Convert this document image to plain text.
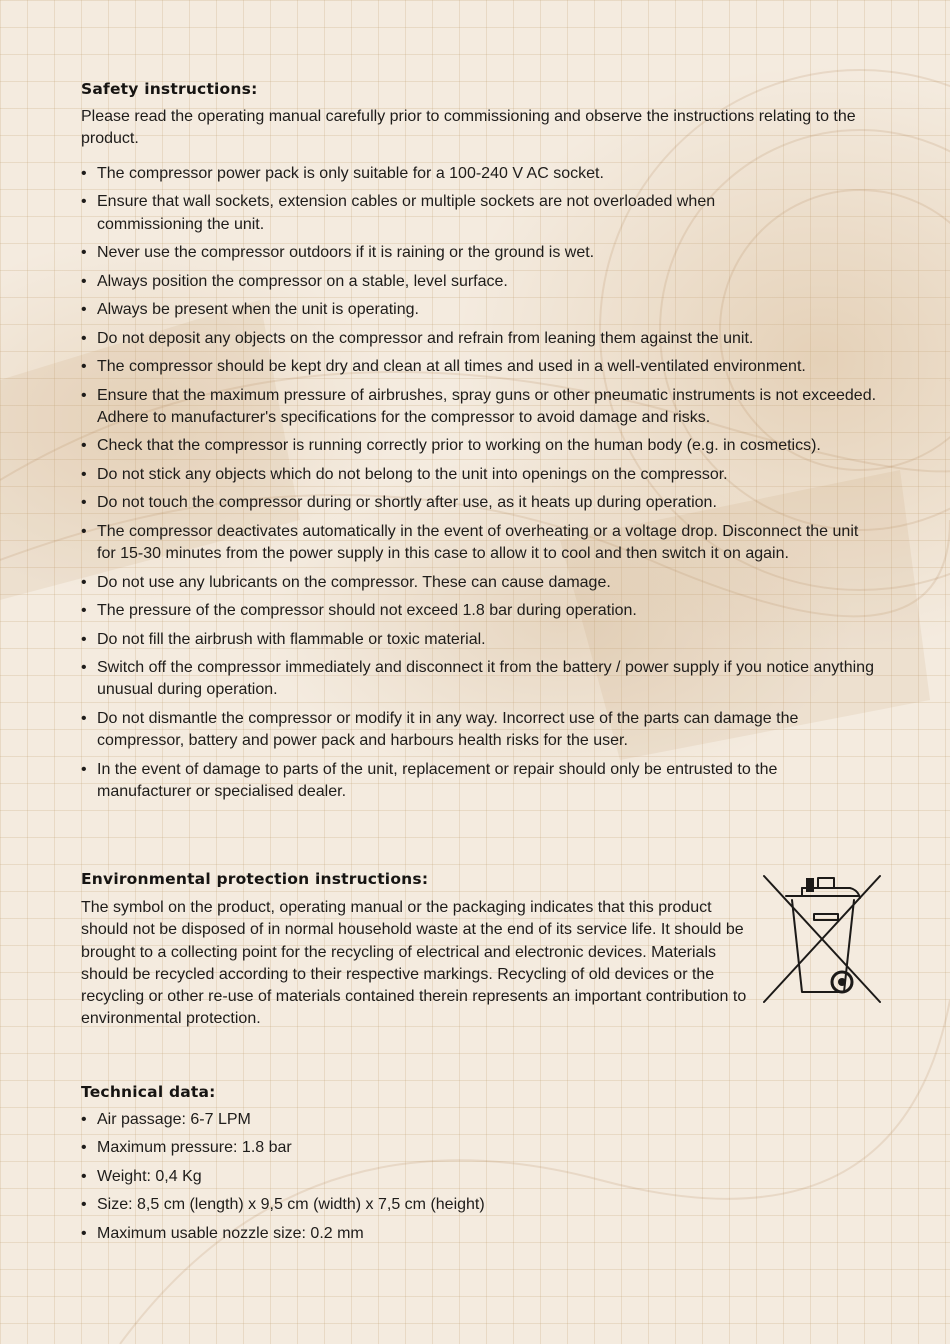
Safety instructions:

Please read the operating manual carefully prior to commissioning and observe the instructions relating to the product.

• The compressor power pack is only suitable for a 100-240 V AC socket.
• Ensure that wall sockets, extension cables or multiple sockets are not overloaded when commissioning the unit.
• Never use the compressor outdoors if it is raining or the ground is wet.
• Always position the compressor on a stable, level surface.
• Always be present when the unit is operating.
• Do not deposit any objects on the compressor and refrain from leaning them against the unit.
• The compressor should be kept dry and clean at all times and used in a well-ventilated environment.
• Ensure that the maximum pressure of airbrushes, spray guns or other pneumatic instruments is not exceeded. Adhere to manufacturer's specifications for the compressor to avoid damage and risks.
• Check that the compressor is running correctly prior to working on the human body (e.g. in cosmetics).
• Do not stick any objects which do not belong to the unit into openings on the compressor.
• Do not touch the compressor during or shortly after use, as it heats up during operation.
• The compressor deactivates automatically in the event of overheating or a voltage drop. Disconnect the unit for 15-30 minutes from the power supply in this case to allow it to cool and then switch it on again.
• Do not use any lubricants on the compressor. These can cause damage.
• The pressure of the compressor should not exceed 1.8 bar during operation.
• Do not fill the airbrush with flammable or toxic material.
• Switch off the compressor immediately and disconnect it from the battery / power supply if you notice anything unusual during operation.
• Do not dismantle the compressor or modify it in any way. Incorrect use of the parts can damage the compressor, battery and power pack and harbours health risks for the user.
• In the event of damage to parts of the unit, replacement or repair should only be entrusted to the manufacturer or specialised dealer.
Environmental protection instructions:

The symbol on the product, operating manual or the packaging indicates that this product should not be disposed of in normal household waste at the end of its service life. It should be brought to a collecting point for the recycling of electrical and electronic devices. Materials should be recycled according to their respective markings. Recycling of old devices or the recycling or other re-use of materials contained therein represents an important contribution to environmental protection.

Technical data:
• Air passage: 6-7 LPM
• Maximum pressure: 1.8 bar
• Weight: 0,4 Kg
• Size: 8,5 cm (length) x 9,5 cm (width) x 7,5 cm (height)
• Maximum usable nozzle size: 0.2 mm
